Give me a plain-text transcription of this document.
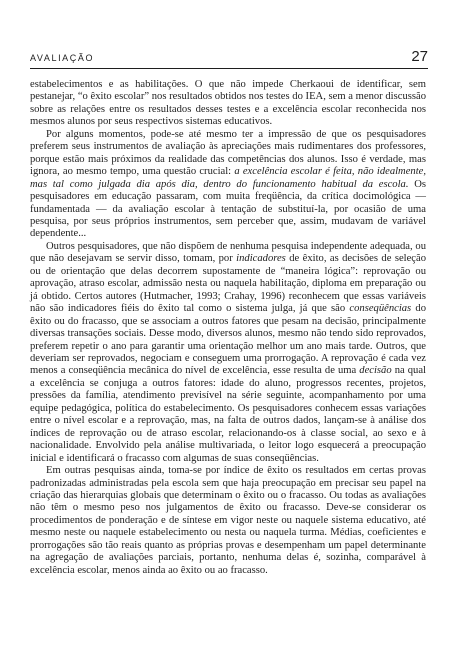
AVALIAÇÃO	27

estabelecimentos e as habilitações. O que não impede Cherkaoui de identificar, sem pestanejar, “o êxito escolar” nos resultados obtidos nos testes do IEA, sem a menor discussão sobre as relações entre os resultados desses testes e a excelência escolar reconhecida nos mesmos alunos por seus respectivos sistemas educativos.

Por alguns momentos, pode-se até mesmo ter a impressão de que os pesquisadores preferem seus instrumentos de avaliação às apreciações mais rudimentares dos professores, porque estão mais próximos da realidade das competências dos alunos. Isso é verdade, mas ignora, ao mesmo tempo, uma questão crucial: a excelência escolar é feita, não idealmente, mas tal como julgada dia após dia, dentro do funcionamento habitual da escola. Os pesquisadores em educação passaram, com muita freqüência, da crítica docimológica — fundamentada — da avaliação escolar à tentação de substituí-la, por ocasião de uma pesquisa, por seus próprios instrumentos, sem perceber que, assim, mudavam de variável dependente...

Outros pesquisadores, que não dispõem de nenhuma pesquisa independente adequada, ou que não desejavam se servir disso, tomam, por indicadores de êxito, as decisões de seleção ou de orientação que delas decorrem supostamente de “maneira lógica”: reprovação ou aprovação, atraso escolar, admissão nesta ou naquela habilitação, diploma em preparação ou já obtido. Certos autores (Hutmacher, 1993; Crahay, 1996) reconhecem que essas variáveis não são indicadores fiéis do êxito tal como o sistema julga, já que são conseqüências do êxito ou do fracasso, que se associam a outros fatores que pesam na decisão, principalmente diversas transações sociais. Desse modo, diversos alunos, mesmo não tendo sido reprovados, preferem repetir o ano para garantir uma orientação melhor um ano mais tarde. Outros, que deveriam ser reprovados, negociam e conseguem uma prorrogação. A reprovação é cada vez menos a conseqüência mecânica do nível de excelência, esse resulta de uma decisão na qual a excelência se conjuga a outros fatores: idade do aluno, progressos recentes, projetos, pressões da família, atendimento previsível na série seguinte, acompanhamento por uma equipe pedagógica, política do estabelecimento. Os pesquisadores conhecem essas variações entre o nível escolar e a reprovação, mas, na falta de outros dados, lançam-se à análise dos índices de reprovação ou de atraso escolar, relacionando-os à classe social, ao sexo e à nacionalidade. Envolvido pela análise multivariada, o leitor logo esquecerá a preocupação inicial e identificará o fracasso com algumas de suas conseqüências.

Em outras pesquisas ainda, toma-se por índice de êxito os resultados em certas provas padronizadas administradas pela escola sem que haja preocupação em precisar seu papel na criação das hierarquias globais que determinam o êxito ou o fracasso. Ou todas as avaliações não têm o mesmo peso nos julgamentos de êxito ou fracasso. Deve-se considerar os procedimentos de ponderação e de síntese em vigor neste ou naquele sistema educativo, até mesmo neste ou naquele estabelecimento ou nesta ou naquela turma. Médias, coeficientes e prorrogações são tão reais quanto as próprias provas e desempenham um papel determinante na agregação de avaliações parciais, portanto, nenhuma delas é, sozinha, comparável à excelência escolar, menos ainda ao êxito ou ao fracasso.
